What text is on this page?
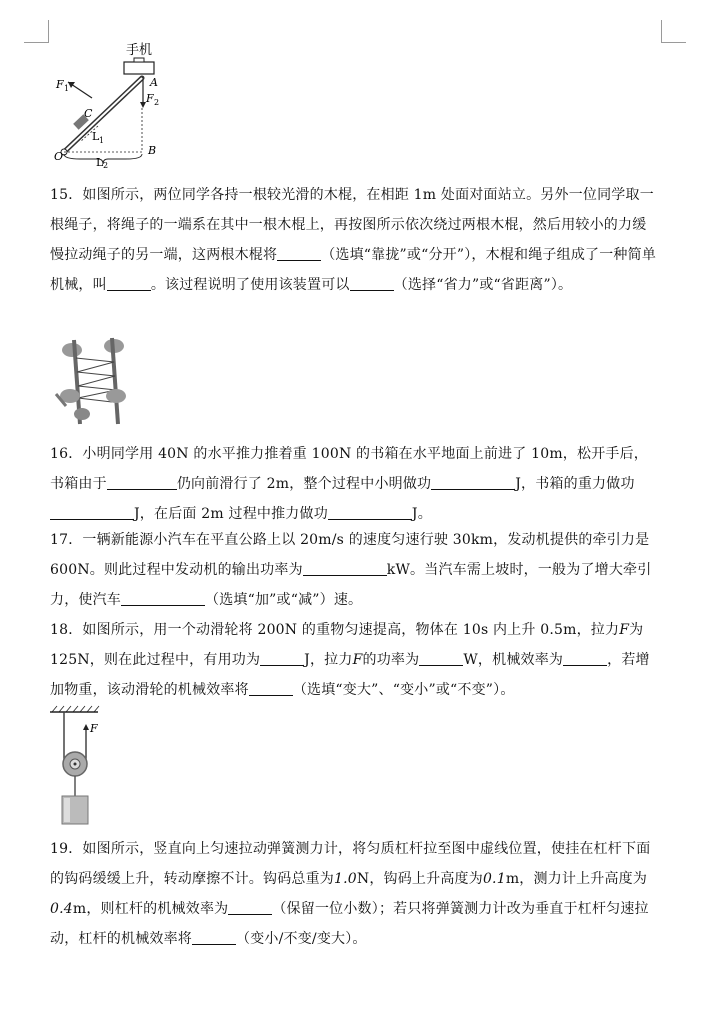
手机
F 1
F 2
A
C
L 1
O	B
L 2
15．如图所示，两位同学各持一根较光滑的木棍，在相距 1m 处面对面站立。另外一位同学取一根绳子，将绳子的一端系在其中一根木棍上，再按图所示依次绕过两根木棍，然后用较小的力缓慢拉动绳子的另一端，这两根木棍将	（选填“靠拢”或“分开”），木棍和绳子组成了一种简单机械，叫	。该过程说明了使用该装置可以	（选择“省力”或“省距离”）。
16．小明同学用 40N 的水平推力推着重 100N 的书箱在水平地面上前进了 10m，松开手后，书箱由于	仍向前滑行了 2m，整个过程中小明做功	J，书箱的重力做功J，在后面 2m 过程中推力做功	J。
17．一辆新能源小汽车在平直公路上以 20m/s 的速度匀速行驶 30km，发动机提供的牵引力是 600N。则此过程中发动机的输出功率为	kW。当汽车需上坡时，一般为了增大牵引力，使汽车	（选填“加”或“减”）速。
18．如图所示，用一个动滑轮将 200N 的重物匀速提高，物体在 10s 内上升 0.5m，拉力F为 125N，则在此过程中，有用功为	J，拉力F的功率为	W，机械效率为	，若增加物重，该动滑轮的机械效率将	（选填“变大”、“变小”或“不变”）。
F
19．如图所示，竖直向上匀速拉动弹簧测力计，将匀质杠杆拉至图中虚线位置，使挂在杠杆下面的钩码缓缓上升，转动摩擦不计。钩码总重为1.0N，钩码上升高度为0.1m，测力计上升高度为0.4m，则杠杆的机械效率为	（保留一位小数）；若只将弹簧测力计改为垂直于杠杆匀速拉动，杠杆的机械效率将	（变小/不变/变大）。
